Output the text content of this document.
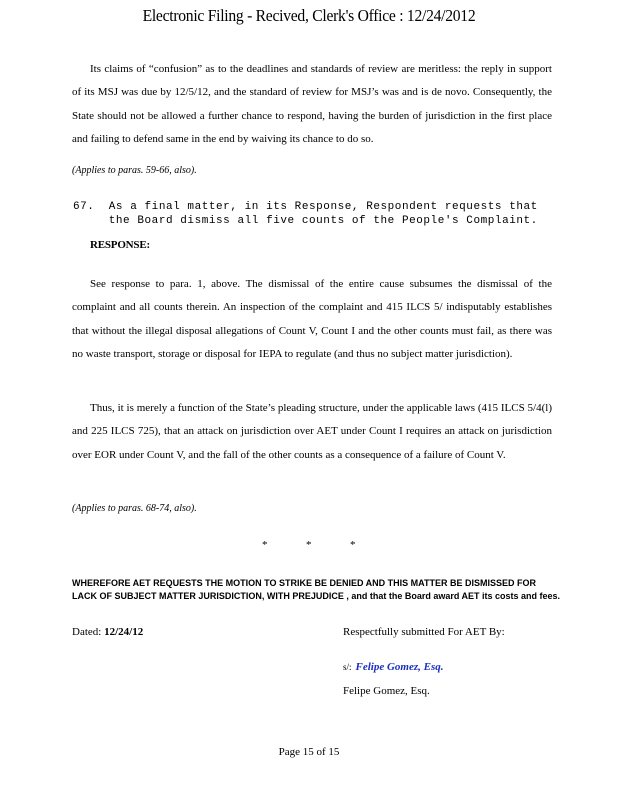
Electronic Filing - Recived, Clerk's Office : 12/24/2012
Its claims of “confusion” as to the deadlines and standards of review are meritless: the reply in support of its MSJ was due by 12/5/12, and the standard of review for MSJ’s was and is de novo. Consequently, the State should not be allowed a further chance to respond, having the burden of jurisdiction in the first place and failing to defend same in the end by waiving its chance to do so.
(Applies to paras. 59-66, also).
67.  As a final matter, in its Response, Respondent requests that
the Board dismiss all five counts of the People's Complaint.
RESPONSE:
See response to para. 1, above. The dismissal of the entire cause subsumes the dismissal of the complaint and all counts therein. An inspection of the complaint and 415 ILCS 5/ indisputably establishes that without the illegal disposal allegations of Count V, Count I and the other counts must fail, as there was no waste transport, storage or disposal for IEPA to regulate (and thus no subject matter jurisdiction).
Thus, it is merely a function of the State’s pleading structure, under the applicable laws (415 ILCS 5/4(l) and 225 ILCS 725), that an attack on jurisdiction over AET under Count I requires an attack on jurisdiction over EOR under Count V, and the fall of the other counts as a consequence of a failure of Count V.
(Applies to paras. 68-74, also).
*	*	*
WHEREFORE AET REQUESTS THE MOTION TO STRIKE BE DENIED AND THIS MATTER BE DISMISSED FOR LACK OF SUBJECT MATTER JURISDICTION, WITH PREJUDICE , and that the Board award AET its costs and fees.
Dated: 12/24/12	Respectfully submitted For AET By:
s/: Felipe Gomez, Esq.
Felipe Gomez, Esq.
Page 15 of 15
